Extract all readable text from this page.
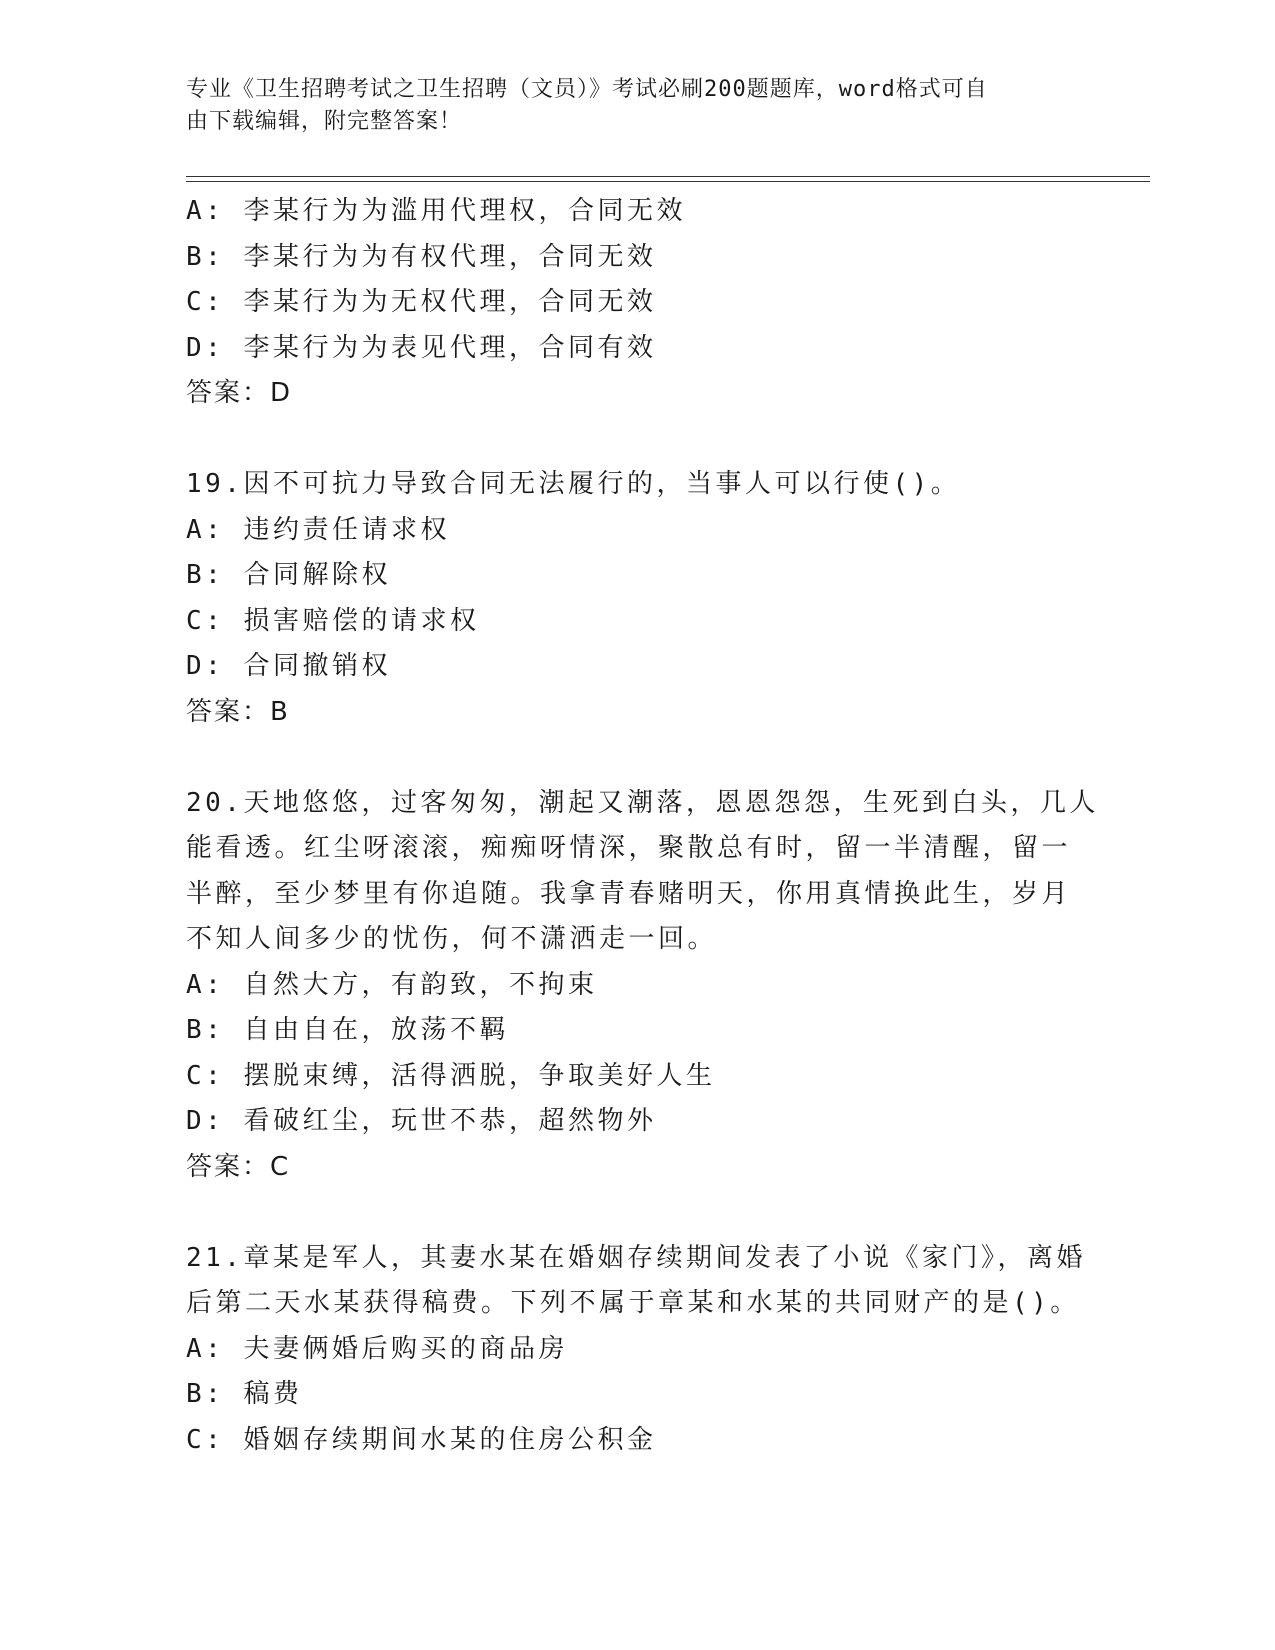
专业《卫生招聘考试之卫生招聘（文员）》考试必刷200题题库，word格式可自
由下载编辑，附完整答案！
A: 李某行为为滥用代理权，合同无效
B: 李某行为为有权代理，合同无效
C: 李某行为为无权代理，合同无效
D: 李某行为为表见代理，合同有效
答案：D
19.因不可抗力导致合同无法履行的，当事人可以行使()。
A: 违约责任请求权
B: 合同解除权
C: 损害赔偿的请求权
D: 合同撤销权
答案：B
20.天地悠悠，过客匆匆，潮起又潮落，恩恩怨怨，生死到白头，几人
能看透。红尘呀滚滚，痴痴呀情深，聚散总有时，留一半清醒，留一
半醉，至少梦里有你追随。我拿青春赌明天，你用真情换此生，岁月
不知人间多少的忧伤，何不潇洒走一回。
A: 自然大方，有韵致，不拘束
B: 自由自在，放荡不羁
C: 摆脱束缚，活得洒脱，争取美好人生
D: 看破红尘，玩世不恭，超然物外
答案：C
21.章某是军人，其妻水某在婚姻存续期间发表了小说《家门》，离婚
后第二天水某获得稿费。下列不属于章某和水某的共同财产的是()。
A: 夫妻俩婚后购买的商品房
B: 稿费
C: 婚姻存续期间水某的住房公积金
